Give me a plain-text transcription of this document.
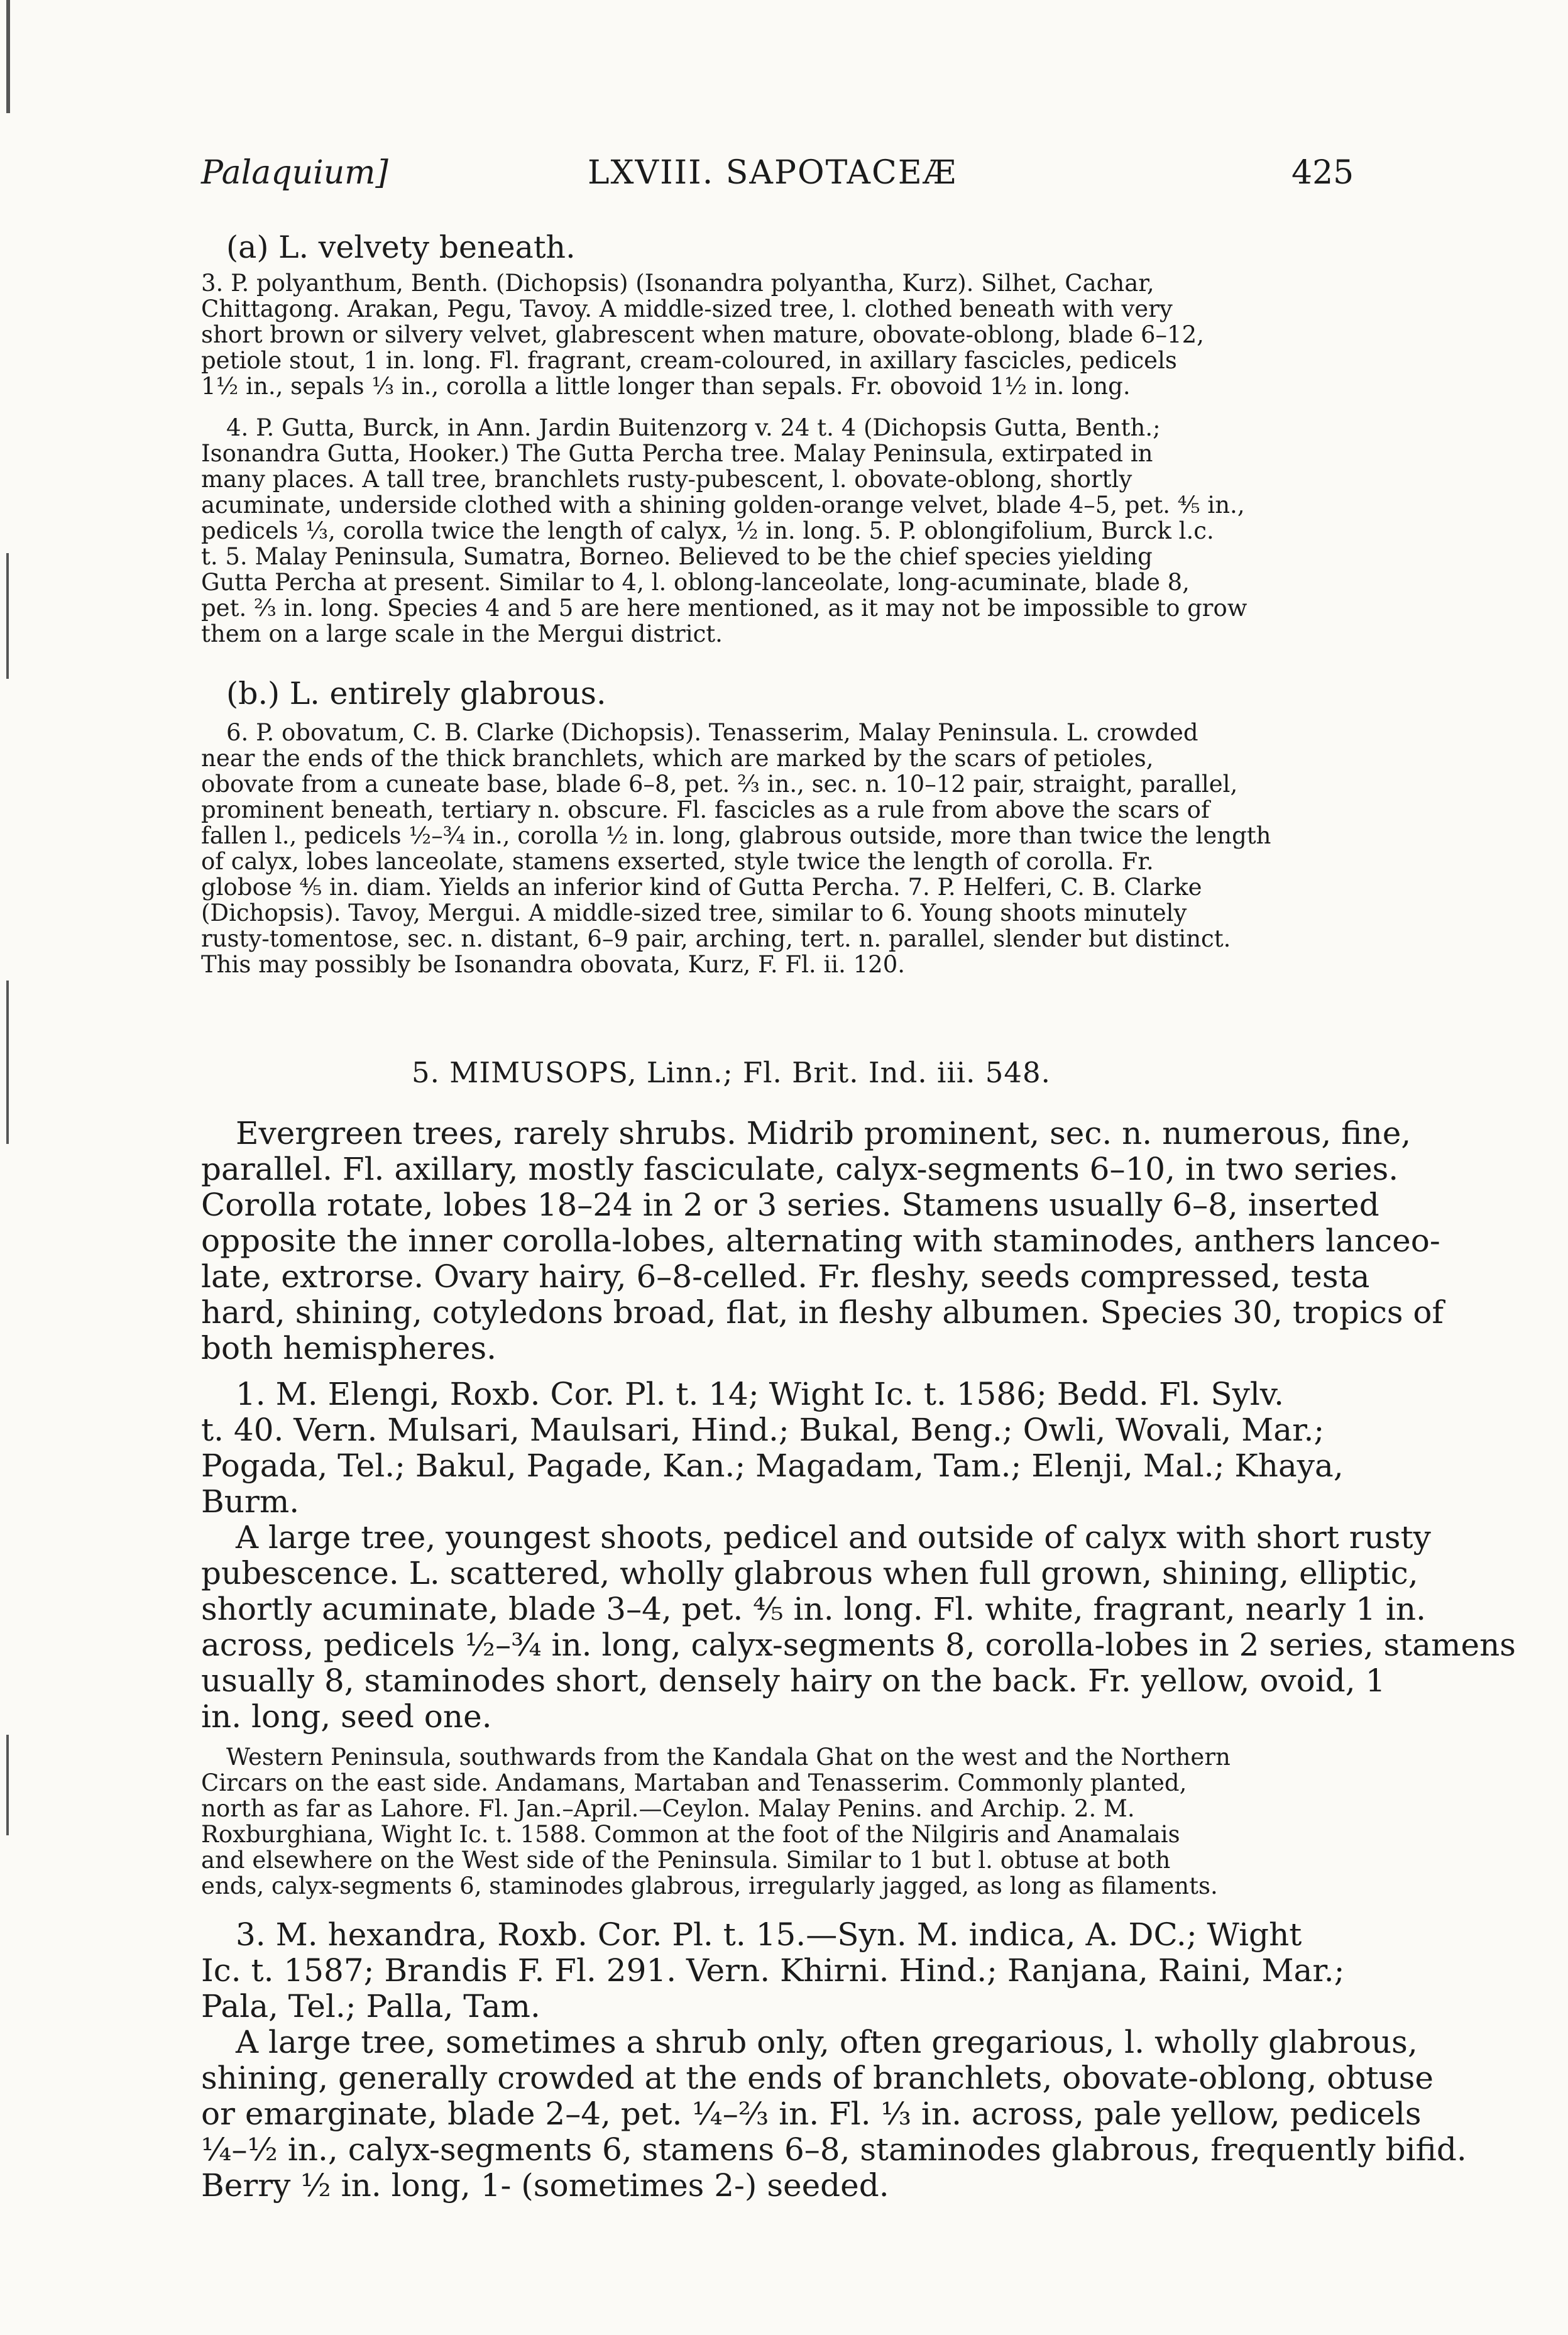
Palaquium]	LXVIII. SAPOTACEÆ	425
(a) L. velvety beneath.
3. P. polyanthum, Benth. (Dichopsis) (Isonandra polyantha, Kurz). Silhet, Cachar,
Chittagong. Arakan, Pegu, Tavoy. A middle-sized tree, l. clothed beneath with very
short brown or silvery velvet, glabrescent when mature, obovate-oblong, blade 6–12,
petiole stout, 1 in. long. Fl. fragrant, cream-coloured, in axillary fascicles, pedicels
1½ in., sepals ⅓ in., corolla a little longer than sepals. Fr. obovoid 1½ in. long.
4. P. Gutta, Burck, in Ann. Jardin Buitenzorg v. 24 t. 4 (Dichopsis Gutta, Benth.;
Isonandra Gutta, Hooker.) The Gutta Percha tree. Malay Peninsula, extirpated in
many places. A tall tree, branchlets rusty-pubescent, l. obovate-oblong, shortly
acuminate, underside clothed with a shining golden-orange velvet, blade 4–5, pet. ⅘ in.,
pedicels ⅓, corolla twice the length of calyx, ½ in. long. 5. P. oblongifolium, Burck l.c.
t. 5. Malay Peninsula, Sumatra, Borneo. Believed to be the chief species yielding
Gutta Percha at present. Similar to 4, l. oblong-lanceolate, long-acuminate, blade 8,
pet. ⅔ in. long. Species 4 and 5 are here mentioned, as it may not be impossible to grow
them on a large scale in the Mergui district.
(b.) L. entirely glabrous.
6. P. obovatum, C. B. Clarke (Dichopsis). Tenasserim, Malay Peninsula. L. crowded
near the ends of the thick branchlets, which are marked by the scars of petioles,
obovate from a cuneate base, blade 6–8, pet. ⅔ in., sec. n. 10–12 pair, straight, parallel,
prominent beneath, tertiary n. obscure. Fl. fascicles as a rule from above the scars of
fallen l., pedicels ½–¾ in., corolla ½ in. long, glabrous outside, more than twice the length
of calyx, lobes lanceolate, stamens exserted, style twice the length of corolla. Fr.
globose ⅘ in. diam. Yields an inferior kind of Gutta Percha. 7. P. Helferi, C. B. Clarke
(Dichopsis). Tavoy, Mergui. A middle-sized tree, similar to 6. Young shoots minutely
rusty-tomentose, sec. n. distant, 6–9 pair, arching, tert. n. parallel, slender but distinct.
This may possibly be Isonandra obovata, Kurz, F. Fl. ii. 120.
5. MIMUSOPS, Linn.; Fl. Brit. Ind. iii. 548.
Evergreen trees, rarely shrubs. Midrib prominent, sec. n. numerous, fine,
parallel. Fl. axillary, mostly fasciculate, calyx-segments 6–10, in two series.
Corolla rotate, lobes 18–24 in 2 or 3 series. Stamens usually 6–8, inserted
opposite the inner corolla-lobes, alternating with staminodes, anthers lanceo-
late, extrorse. Ovary hairy, 6–8-celled. Fr. fleshy, seeds compressed, testa
hard, shining, cotyledons broad, flat, in fleshy albumen. Species 30, tropics of
both hemispheres.
1. M. Elengi, Roxb. Cor. Pl. t. 14; Wight Ic. t. 1586; Bedd. Fl. Sylv.
t. 40. Vern. Mulsari, Maulsari, Hind.; Bukal, Beng.; Owli, Wovali, Mar.;
Pogada, Tel.; Bakul, Pagade, Kan.; Magadam, Tam.; Elenji, Mal.; Khaya,
Burm.
A large tree, youngest shoots, pedicel and outside of calyx with short rusty
pubescence. L. scattered, wholly glabrous when full grown, shining, elliptic,
shortly acuminate, blade 3–4, pet. ⅘ in. long. Fl. white, fragrant, nearly 1 in.
across, pedicels ½–¾ in. long, calyx-segments 8, corolla-lobes in 2 series, stamens
usually 8, staminodes short, densely hairy on the back. Fr. yellow, ovoid, 1
in. long, seed one.
Western Peninsula, southwards from the Kandala Ghat on the west and the Northern
Circars on the east side. Andamans, Martaban and Tenasserim. Commonly planted,
north as far as Lahore. Fl. Jan.–April.—Ceylon. Malay Penins. and Archip. 2. M.
Roxburghiana, Wight Ic. t. 1588. Common at the foot of the Nilgiris and Anamalais
and elsewhere on the West side of the Peninsula. Similar to 1 but l. obtuse at both
ends, calyx-segments 6, staminodes glabrous, irregularly jagged, as long as filaments.
3. M. hexandra, Roxb. Cor. Pl. t. 15.—Syn. M. indica, A. DC.; Wight
Ic. t. 1587; Brandis F. Fl. 291. Vern. Khirni. Hind.; Ranjana, Raini, Mar.;
Pala, Tel.; Palla, Tam.
A large tree, sometimes a shrub only, often gregarious, l. wholly glabrous,
shining, generally crowded at the ends of branchlets, obovate-oblong, obtuse
or emarginate, blade 2–4, pet. ¼–⅔ in. Fl. ⅓ in. across, pale yellow, pedicels
¼–½ in., calyx-segments 6, stamens 6–8, staminodes glabrous, frequently bifid.
Berry ½ in. long, 1- (sometimes 2-) seeded.
